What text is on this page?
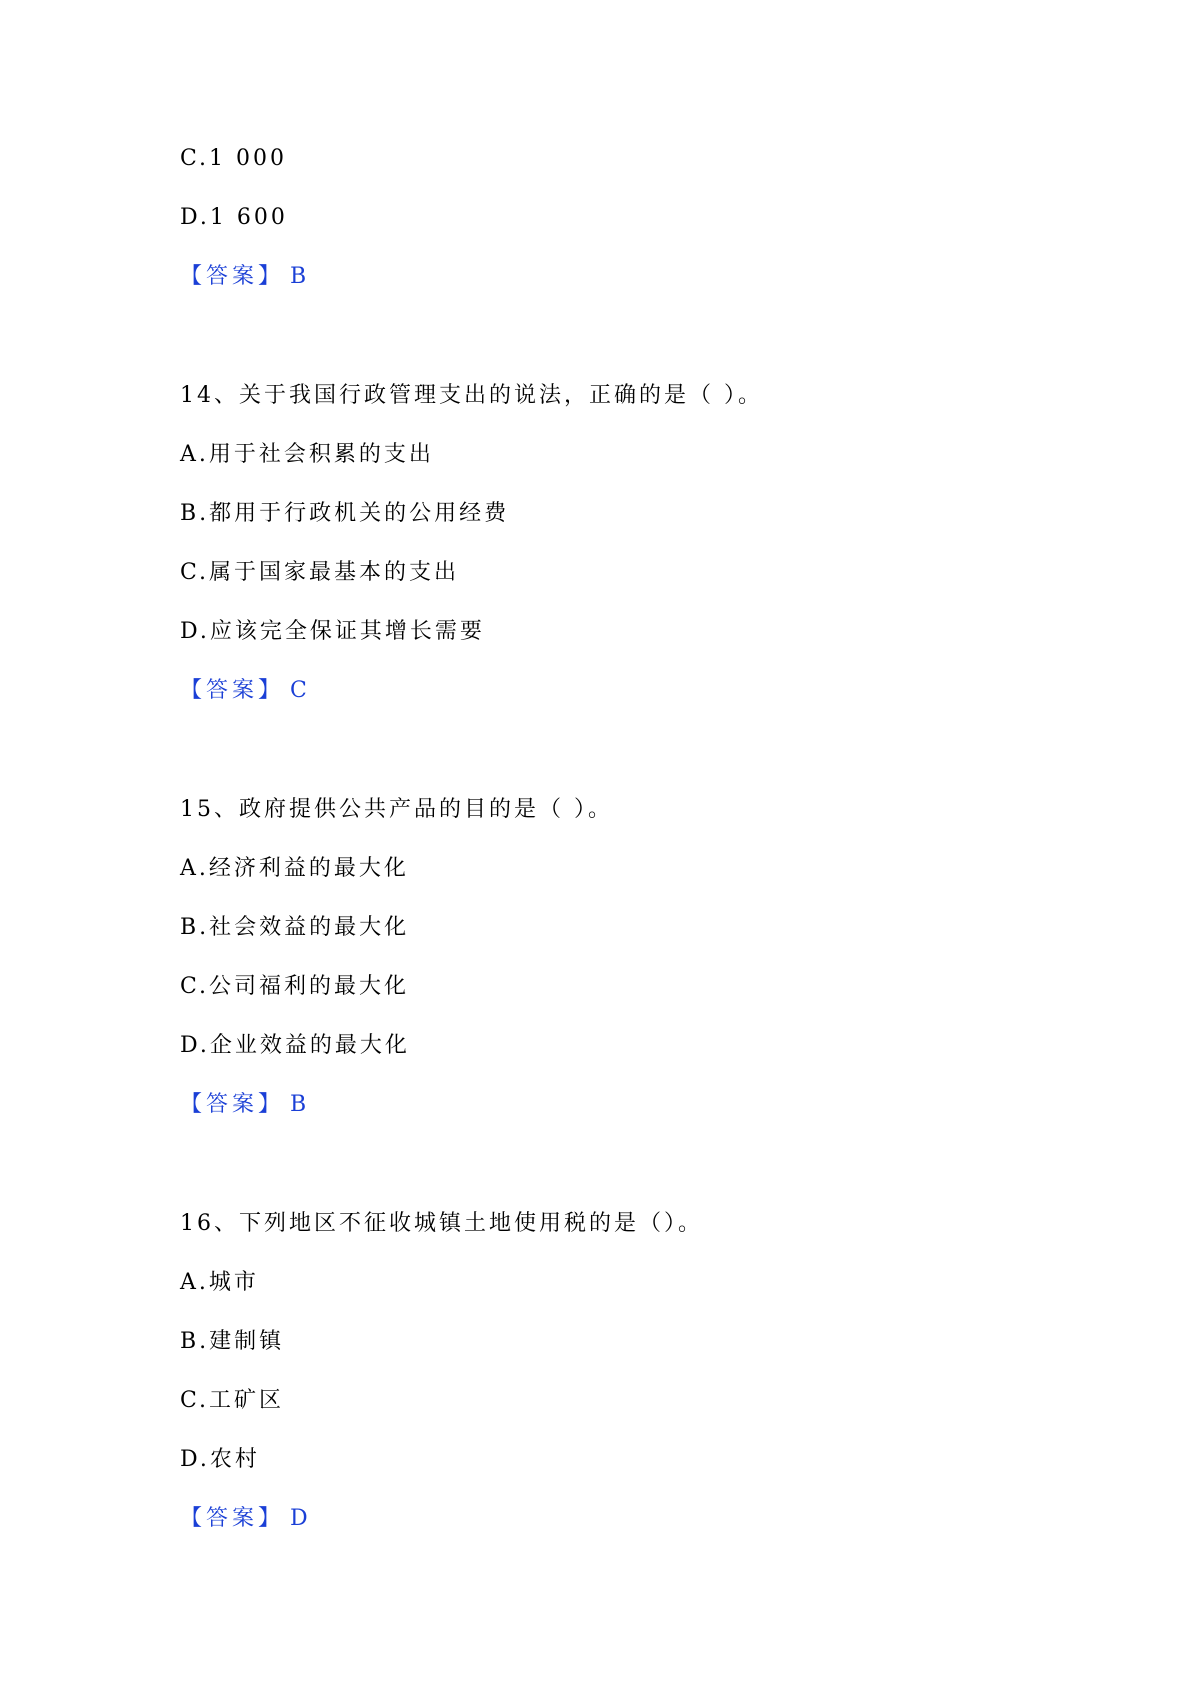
C.1 000
D.1 600
【答案】 B
14、关于我国行政管理支出的说法，正确的是（ ）。
A.用于社会积累的支出
B.都用于行政机关的公用经费
C.属于国家最基本的支出
D.应该完全保证其增长需要
【答案】 C
15、政府提供公共产品的目的是（ ）。
A.经济利益的最大化
B.社会效益的最大化
C.公司福利的最大化
D.企业效益的最大化
【答案】 B
16、下列地区不征收城镇土地使用税的是（）。
A.城市
B.建制镇
C.工矿区
D.农村
【答案】 D
